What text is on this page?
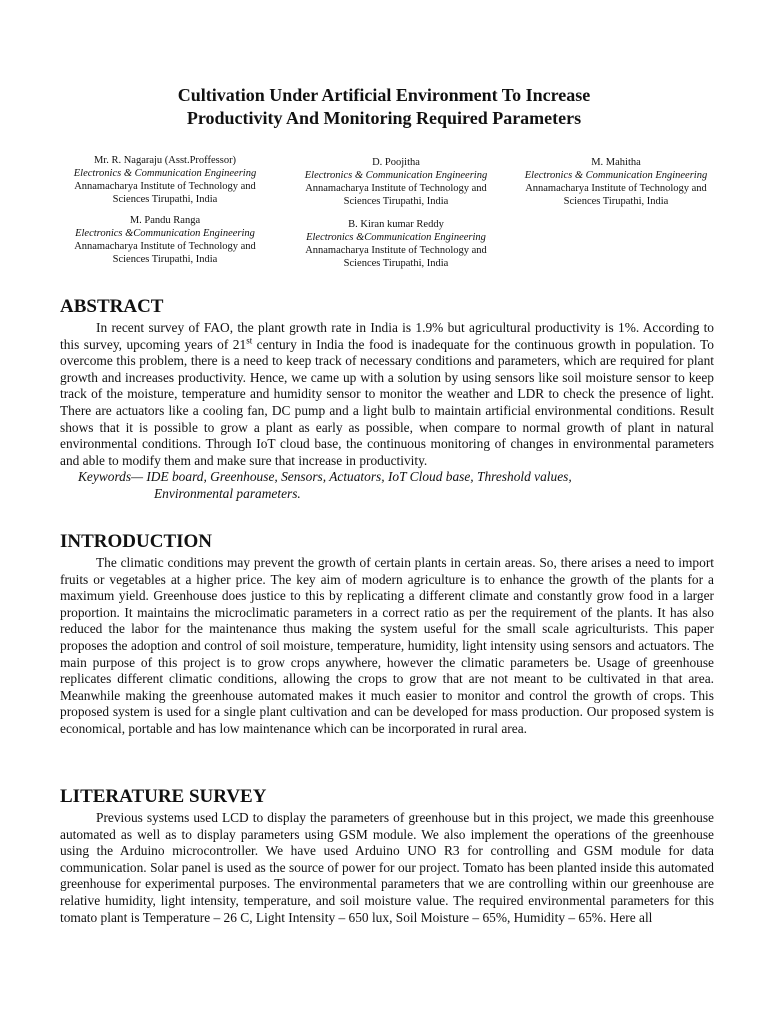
Cultivation Under Artificial Environment To Increase
Productivity And Monitoring Required Parameters
Mr. R. Nagaraju (Asst.Proffessor)
Electronics & Communication Engineering
Annamacharya Institute of Technology and
Sciences Tirupathi, India
M. Pandu Ranga
Electronics &Communication Engineering
Annamacharya Institute of Technology and
Sciences Tirupathi, India
D. Poojitha
Electronics & Communication Engineering
Annamacharya Institute of Technology and
Sciences Tirupathi, India
B. Kiran kumar Reddy
Electronics &Communication Engineering
Annamacharya Institute of Technology and
Sciences Tirupathi, India
M. Mahitha
Electronics & Communication Engineering
Annamacharya Institute of Technology and
Sciences Tirupathi, India
ABSTRACT

In recent survey of FAO, the plant growth rate in India is 1.9% but agricultural productivity is 1%. According to this survey, upcoming years of 21st century in India the food is inadequate for the continuous growth in population. To overcome this problem, there is a need to keep track of necessary conditions and parameters, which are required for plant growth and increases productivity. Hence, we came up with a solution by using sensors like soil moisture sensor to keep track of the moisture, temperature and humidity sensor to monitor the weather and LDR to check the presence of light. There are actuators like a cooling fan, DC pump and a light bulb to maintain artificial environmental conditions. Result shows that it is possible to grow a plant as early as possible, when compare to normal growth of plant in natural environmental conditions. Through IoT cloud base, the continuous monitoring of changes in environmental parameters and able to modify them and make sure that increase in productivity.

Keywords— IDE board, Greenhouse, Sensors, Actuators, IoT Cloud base, Threshold values,
Environmental parameters.
INTRODUCTION

The climatic conditions may prevent the growth of certain plants in certain areas. So, there arises a need to import fruits or vegetables at a higher price. The key aim of modern agriculture is to enhance the growth of the plants for a maximum yield. Greenhouse does justice to this by replicating a different climate and constantly grow food in a larger proportion. It maintains the microclimatic parameters in a correct ratio as per the requirement of the plants. It has also reduced the labor for the maintenance thus making the system useful for the small scale agriculturists. This paper proposes the adoption and control of soil moisture, temperature, humidity, light intensity using sensors and actuators. The main purpose of this project is to grow crops anywhere, however the climatic parameters be. Usage of greenhouse replicates different climatic conditions, allowing the crops to grow that are not meant to be cultivated in that area. Meanwhile making the greenhouse automated makes it much easier to monitor and control the growth of crops. This proposed system is used for a single plant cultivation and can be developed for mass production. Our proposed system is economical, portable and has low maintenance which can be incorporated in rural area.

LITERATURE SURVEY

Previous systems used LCD to display the parameters of greenhouse but in this project, we made this greenhouse automated as well as to display parameters using GSM module. We also implement the operations of the greenhouse using the Arduino microcontroller. We have used Arduino UNO R3 for controlling and GSM module for data communication. Solar panel is used as the source of power for our project. Tomato has been planted inside this automated greenhouse for experimental purposes. The environmental parameters that we are controlling within our greenhouse are relative humidity, light intensity, temperature, and soil moisture value. The required environmental parameters for this tomato plant is Temperature – 26 C, Light Intensity – 650 lux, Soil Moisture – 65%, Humidity – 65%. Here all
